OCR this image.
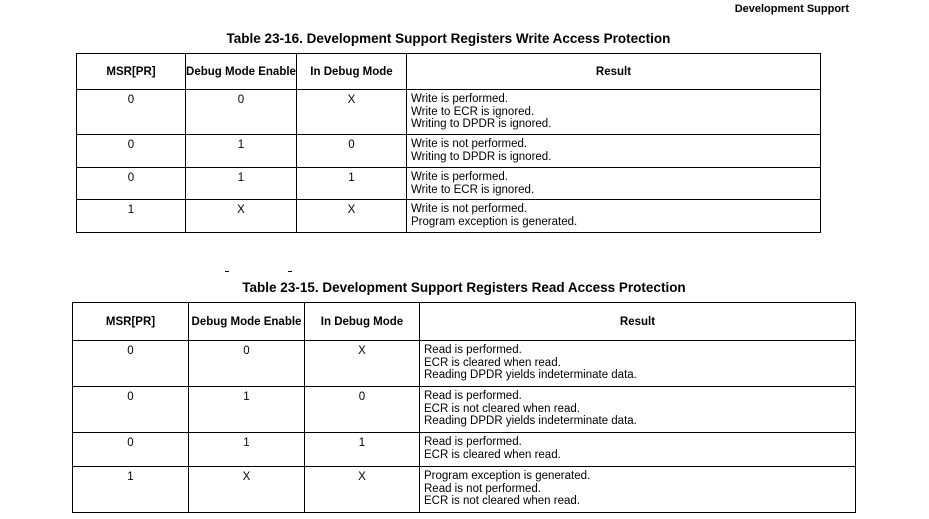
Development Support
Table 23-16. Development Support Registers Write Access Protection
MSR[PR]	Debug Mode Enable	In Debug Mode	Result
0	0	X	Write is performed.
Write to ECR is ignored.
Writing to DPDR is ignored.

0	1	0	Write is not performed.
Writing to DPDR is ignored.

0	1	1	Write is performed.
Write to ECR is ignored.

1	X	X	Write is not performed.
Program exception is generated.
Table 23-15. Development Support Registers Read Access Protection
MSR[PR]	Debug Mode Enable	In Debug Mode	Result
0	0	X	Read is performed.
ECR is cleared when read.
Reading DPDR yields indeterminate data.

0	1	0	Read is performed.
ECR is not cleared when read.
Reading DPDR yields indeterminate data.

0	1	1	Read is performed.
ECR is cleared when read.

1	X	X	Program exception is generated.
Read is not performed.
ECR is not cleared when read.
